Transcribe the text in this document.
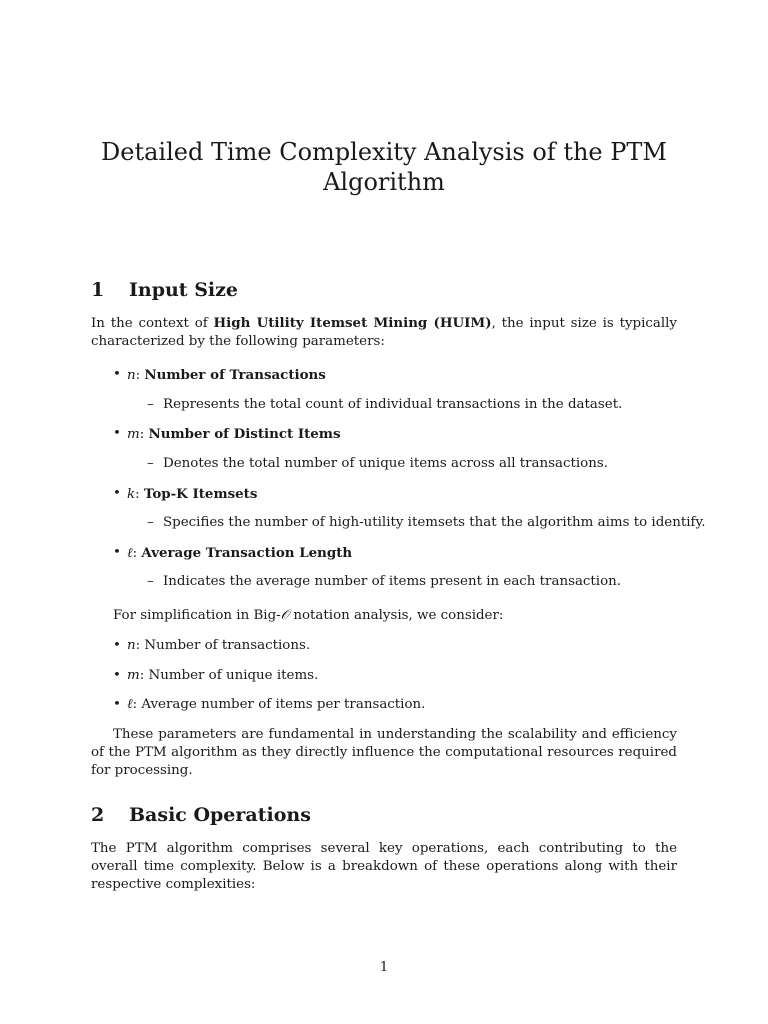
Detailed Time Complexity Analysis of the PTM Algorithm
1 Input Size

In the context of High Utility Itemset Mining (HUIM), the input size is typically characterized by the following parameters:

• n: Number of Transactions
– Represents the total count of individual transactions in the dataset.
• m: Number of Distinct Items
– Denotes the total number of unique items across all transactions.
• k: Top-K Itemsets
– Specifies the number of high-utility itemsets that the algorithm aims to identify.
• ℓ: Average Transaction Length
– Indicates the average number of items present in each transaction.

For simplification in Big-𝒪 notation analysis, we consider:

• n: Number of transactions.
• m: Number of unique items.
• ℓ: Average number of items per transaction.

These parameters are fundamental in understanding the scalability and efficiency of the PTM algorithm as they directly influence the computational resources required for processing.

2 Basic Operations

The PTM algorithm comprises several key operations, each contributing to the overall time complexity. Below is a breakdown of these operations along with their respective complexities:

1
